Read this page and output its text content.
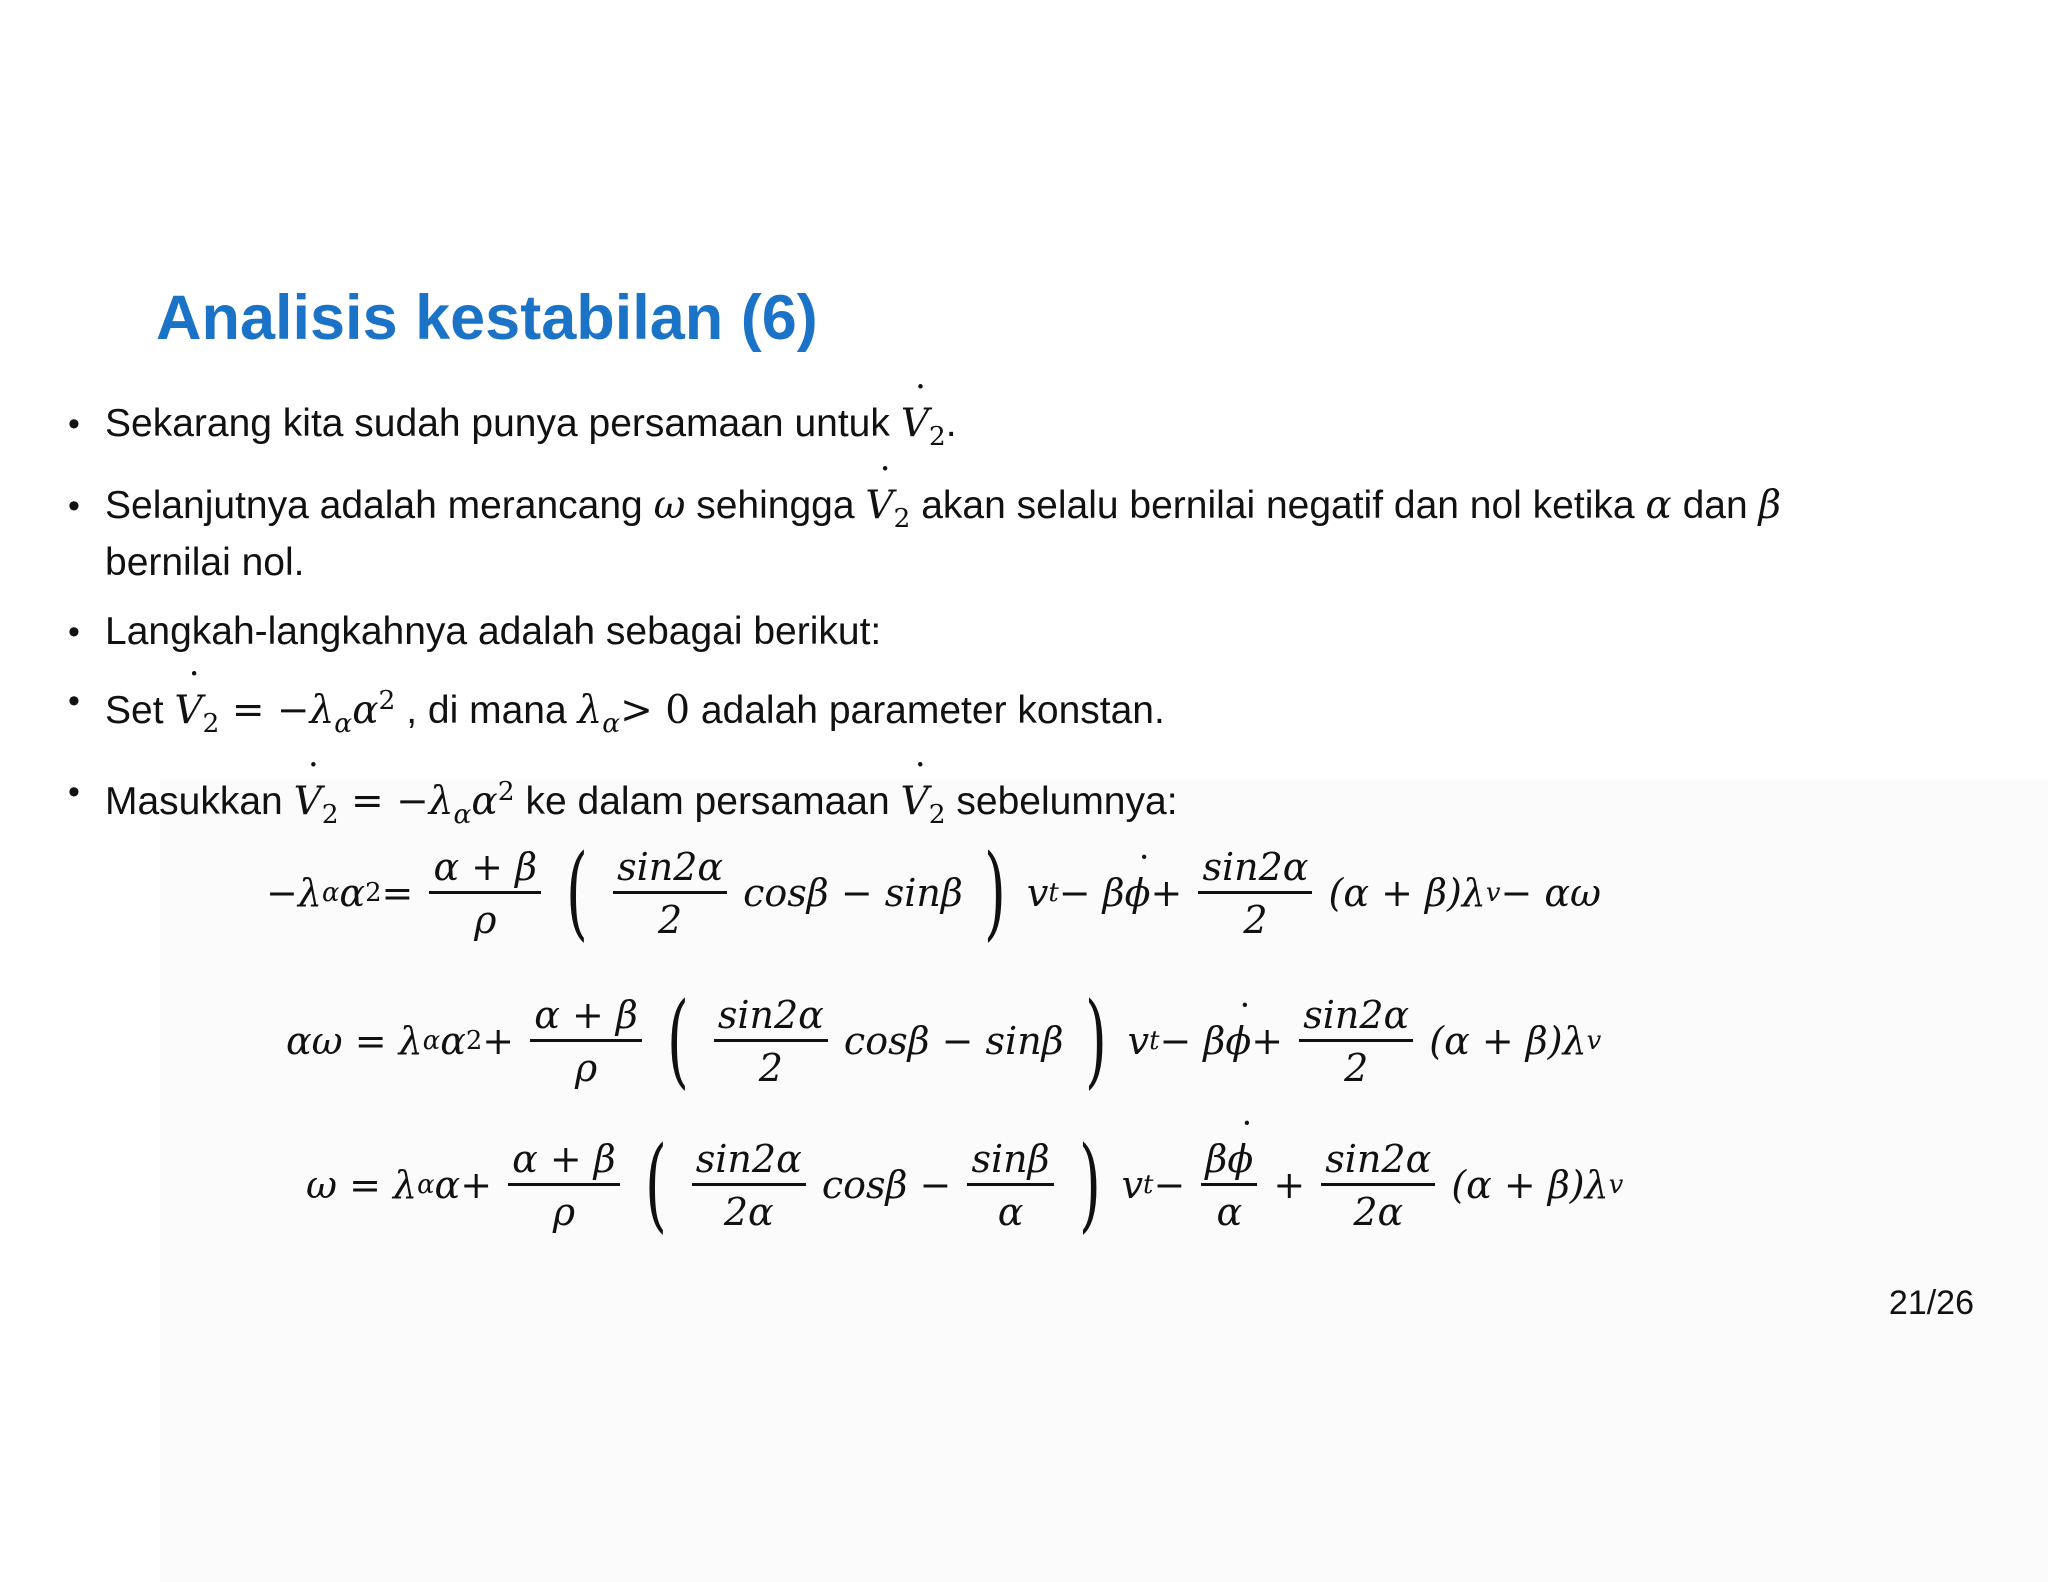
Analisis kestabilan (6)
• Sekarang kita sudah punya persamaan untuk ˙ $V_2$.
• Selanjutnya adalah merancang ω sehingga ˙ $V_2$ akan selalu bernilai negatif dan nol ketika α dan β
bernilai nol.
• Langkah-langkahnya adalah sebagai berikut:
• Set ˙ $V_2 = -\lambda_\alpha\alpha^2$ , di mana $\lambda_\alpha> 0$ adalah parameter konstan.
• Masukkan ˙ $V_2 = -\lambda_\alpha\alpha^2$ ke dalam persamaan ˙ $V_2$ sebelumnya:
$-\lambda\alpha\alpha 2= \frac{\alpha + \beta}{\rho}$ ( $\frac{\sin 2\alpha}{2}$ cosβ − sinβ ) vt− β˙ $\phi+ \frac{\sin 2\alpha}{2} (\alpha + \beta)\lambda v- \alpha\omega$
$\alpha\omega = \lambda\alpha\alpha 2+ \frac{\alpha + \beta}{\rho}$ ( $\frac{\sin 2\alpha}{2}$ cosβ − sinβ ) vt− β˙ $\phi+ \frac{\sin 2\alpha}{2} (\alpha + \beta)\lambda v$
$\omega = \lambda\alpha\alpha+ \frac{\alpha + \beta}{\rho}$ ( $\frac{\sin 2\alpha}{2\alpha}$ $\cos\beta - \frac{\sin\beta}{\alpha}$ ) $vt- \frac{\beta˙ \phi}{\alpha} + \frac{\sin 2\alpha}{2\alpha} (\alpha + \beta)\lambda v$
21/26
